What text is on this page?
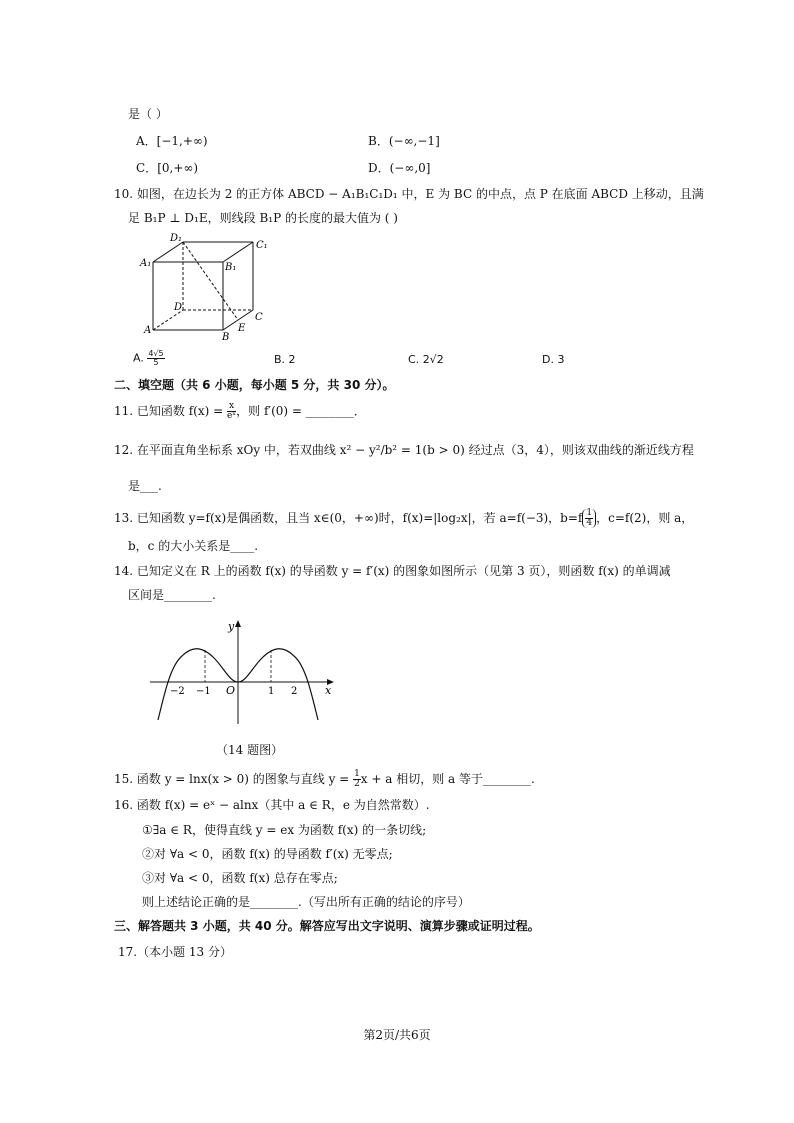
是（ ）
A．[−1,+∞)	B．(−∞,−1]
C．[0,+∞)	D．(−∞,0]
10. 如图，在边长为 2 的正方体 ABCD − A₁B₁C₁D₁ 中，E 为 BC 的中点，点 P 在底面 ABCD 上移动，且满
足 B₁P ⊥ D₁E，则线段 B₁P 的长度的最大值为 ( )
D₁
C₁
A₁	B₁
D
C
A
B
E
A. $\frac{4√5}{5}$	B. 2	C. 2√2	D. 3
二、填空题（共 6 小题，每小题 5 分，共 30 分）。
11. 已知函数 $f(x) = \frac{x}{\text{eˣ}}$ ，则 f′(0) = ________．
12. 在平面直角坐标系 xOy 中，若双曲线 x² − y²/b² = 1(b > 0) 经过点（3，4），则该双曲线的渐近线方程
是___.
13. 已知函数 y=f(x)是偶函数，且当 x∈(0，+∞)时，f(x)=|log₂x|，若 a=f(−3)，$b=f \frac{1}{4}$ ，c=f(2)，则 a，
b，c 的大小关系是____.
14. 已知定义在 R 上的函数 f(x) 的导函数 y = f′(x) 的图象如图所示（见第 3 页），则函数 f(x) 的单调减
区间是________.
y
x
O
−2 −1	1 2
（14 题图）
15. 函数 y = lnx(x > 0) 的图象与直线 $y = \frac{1}{2}$ x + a 相切，则 a 等于________.
16. 函数 f(x) = eˣ − alnx（其中 a ∈ R，e 为自然常数）.
①∃a ∈ R，使得直线 y = ex 为函数 f(x) 的一条切线;
②对 ∀a < 0，函数 f(x) 的导函数 f′(x) 无零点;
③对 ∀a < 0，函数 f(x) 总存在零点;
则上述结论正确的是________.（写出所有正确的结论的序号）
三、解答题共 3 小题，共 40 分。解答应写出文字说明、演算步骤或证明过程。
17.（本小题 13 分）
第2页/共6页
